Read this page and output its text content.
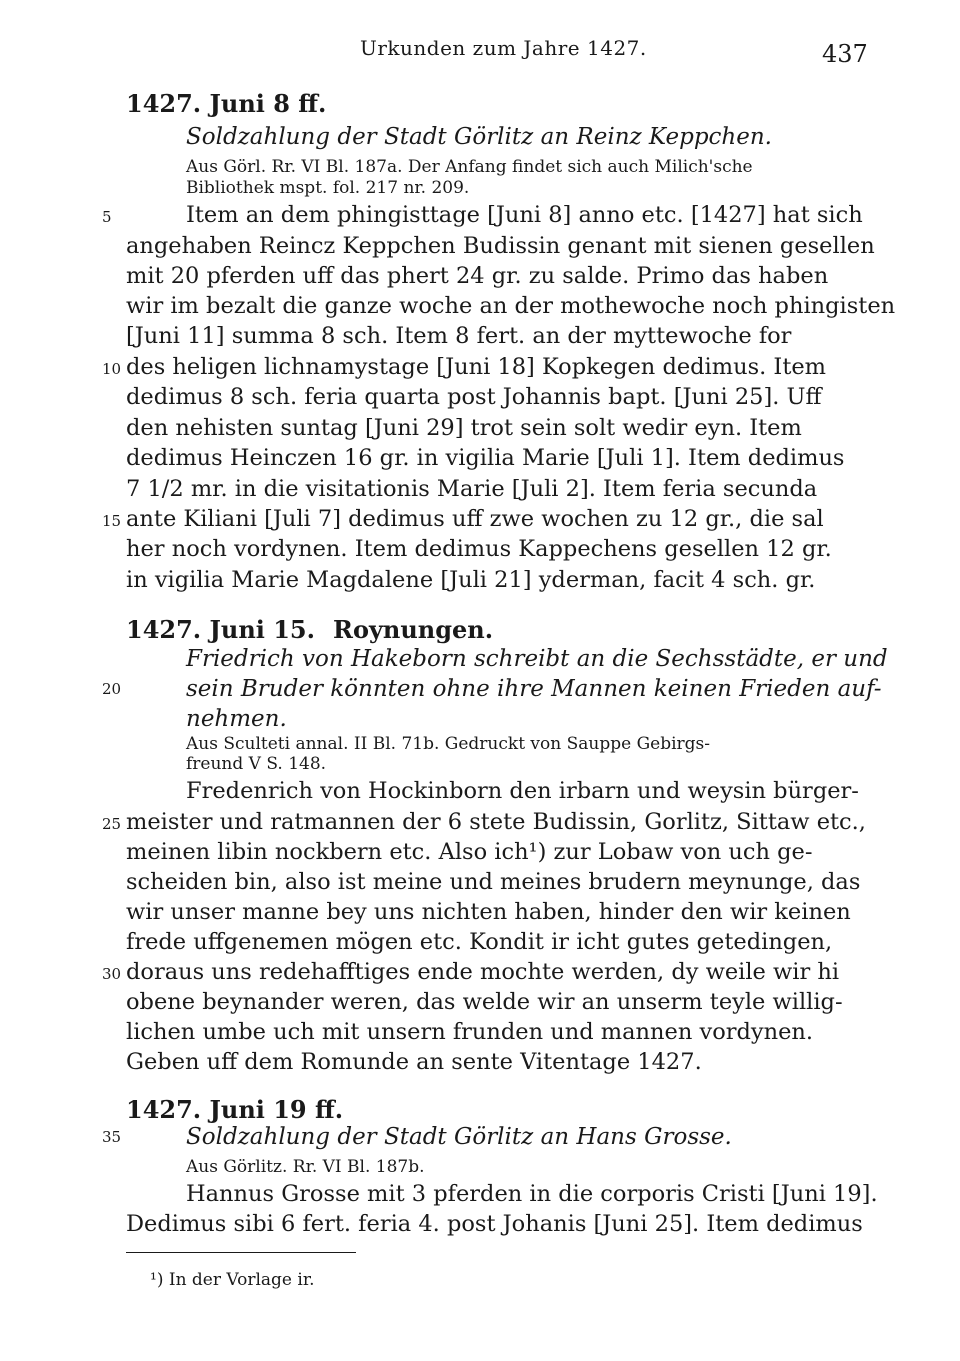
Urkunden zum Jahre 1427.	437
1427. Juni 8 ff.
Soldzahlung der Stadt Görlitz an Reinz Keppchen.
Aus Görl. Rr. VI Bl. 187a. Der Anfang findet sich auch Milich'sche
Bibliothek mspt. fol. 217 nr. 209.
5	Item an dem phingisttage [Juni 8] anno etc. [1427] hat sich
angehaben Reincz Keppchen Budissin genant mit sienen gesellen
mit 20 pferden uff das phert 24 gr. zu salde. Primo das haben
wir im bezalt die ganze woche an der mothewoche noch phingisten
[Juni 11] summa 8 sch. Item 8 fert. an der myttewoche for
10 des heligen lichnamystage [Juni 18] Kopkegen dedimus. Item
dedimus 8 sch. feria quarta post Johannis bapt. [Juni 25]. Uff
den nehisten suntag [Juni 29] trot sein solt wedir eyn. Item
dedimus Heinczen 16 gr. in vigilia Marie [Juli 1]. Item dedimus
7 1/2 mr. in die visitationis Marie [Juli 2]. Item feria secunda
15 ante Kiliani [Juli 7] dedimus uff zwe wochen zu 12 gr., die sal
her noch vordynen. Item dedimus Kappechens gesellen 12 gr.
in vigilia Marie Magdalene [Juli 21] yderman, facit 4 sch. gr.
1427. Juni 15. Roynungen.
Friedrich von Hakeborn schreibt an die Sechsstädte, er und
20	sein Bruder könnten ohne ihre Mannen keinen Frieden auf-
nehmen.
Aus Sculteti annal. II Bl. 71b. Gedruckt von Sauppe Gebirgs-
freund V S. 148.
Fredenrich von Hockinborn den irbarn und weysin bürger-
25 meister und ratmannen der 6 stete Budissin, Gorlitz, Sittaw etc.,
meinen libin nockbern etc. Also ich¹) zur Lobaw von uch ge-
scheiden bin, also ist meine und meines brudern meynunge, das
wir unser manne bey uns nichten haben, hinder den wir keinen
frede uffgenemen mögen etc. Kondit ir icht gutes getedingen,
30 doraus uns redehafftiges ende mochte werden, dy weile wir hi
obene beynander weren, das welde wir an unserm teyle willig-
lichen umbe uch mit unsern frunden und mannen vordynen.
Geben uff dem Romunde an sente Vitentage 1427.
1427. Juni 19 ff.
35	Soldzahlung der Stadt Görlitz an Hans Grosse.
Aus Görlitz. Rr. VI Bl. 187b.
Hannus Grosse mit 3 pferden in die corporis Cristi [Juni 19].
Dedimus sibi 6 fert. feria 4. post Johanis [Juni 25]. Item dedimus
¹) In der Vorlage ir.
